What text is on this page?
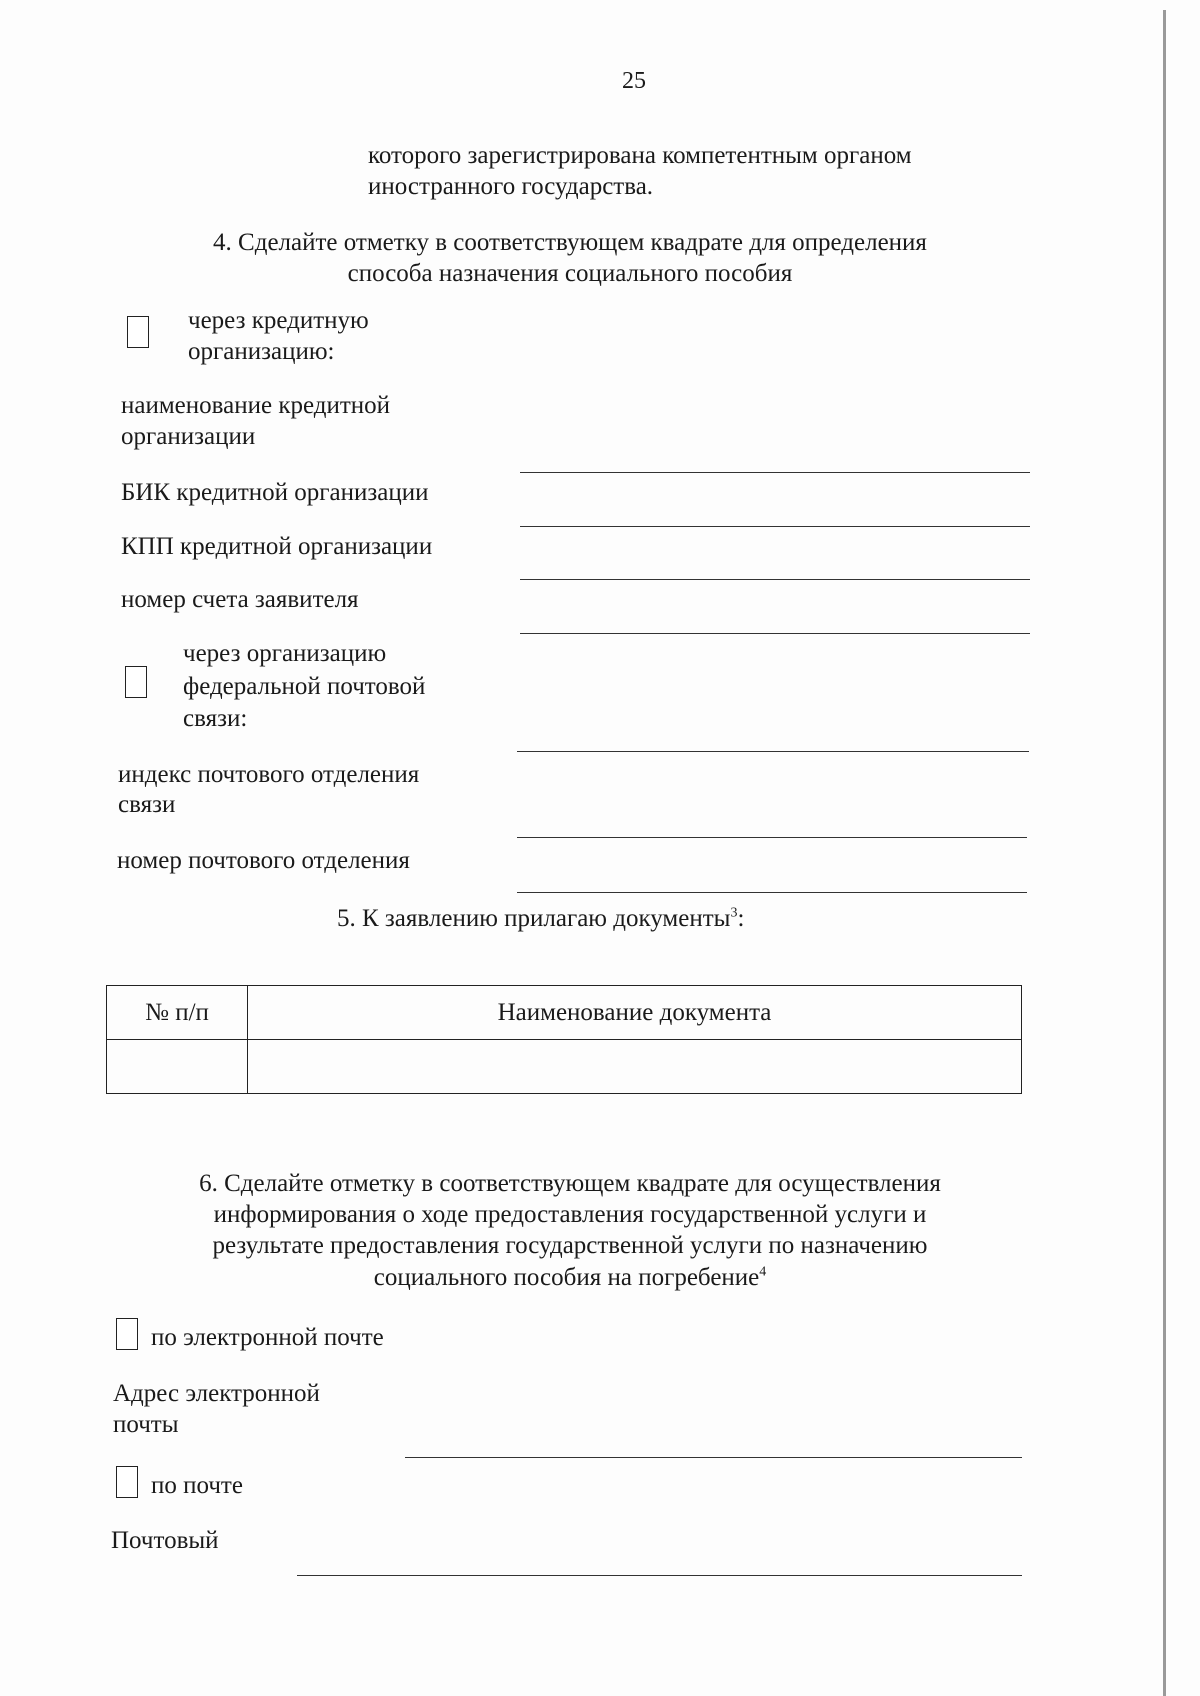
25
которого зарегистрирована компетентным органом
иностранного государства.
4. Сделайте отметку в соответствующем квадрате для определения
способа назначения социального пособия
через кредитную
организацию:
наименование кредитной
организации
БИК кредитной организации
КПП кредитной организации
номер счета заявителя
через организацию
федеральной почтовой
связи:
индекс почтового отделения
связи
номер почтового отделения
5. К заявлению прилагаю документы$^3$:
№ п/п	Наименование документа

6. Сделайте отметку в соответствующем квадрате для осуществления
информирования о ходе предоставления государственной услуги и
результате предоставления государственной услуги по назначению
социального пособия на погребение$^4$
по электронной почте
Адрес электронной
почты
по почте
Почтовый
